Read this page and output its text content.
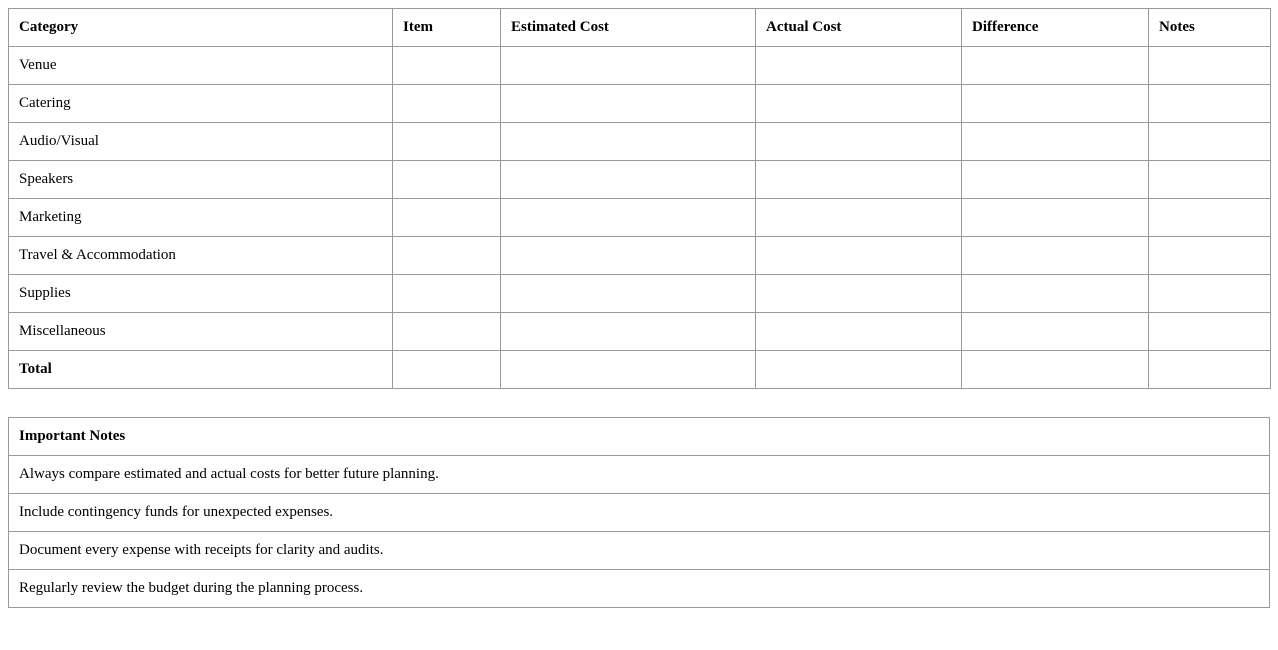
Category	Item	Estimated Cost	Actual Cost	Difference	Notes
Venue					
Catering					
Audio/Visual					
Speakers					
Marketing					
Travel & Accommodation					
Supplies					
Miscellaneous					
Total					
Important Notes
Always compare estimated and actual costs for better future planning.
Include contingency funds for unexpected expenses.
Document every expense with receipts for clarity and audits.
Regularly review the budget during the planning process.
